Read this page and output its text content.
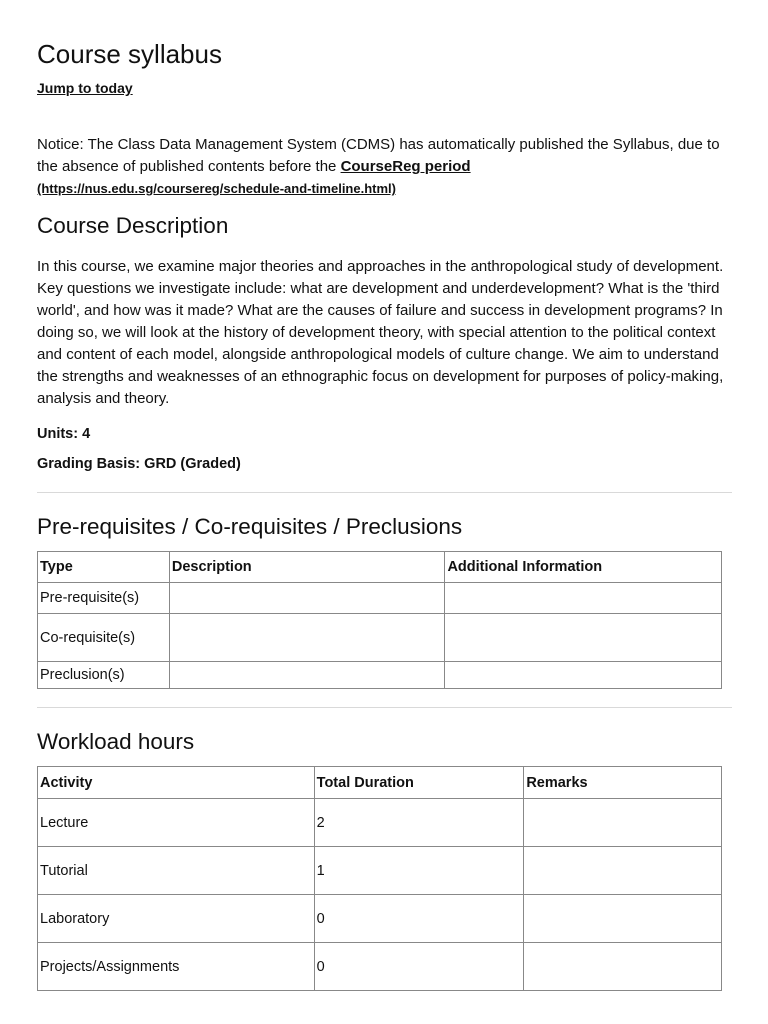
Course syllabus
Jump to today
Notice: The Class Data Management System (CDMS) has automatically published the Syllabus, due to the absence of published contents before the CourseReg period
(https://nus.edu.sg/coursereg/schedule-and-timeline.html)
Course Description

In this course, we examine major theories and approaches in the anthropological study of development. Key questions we investigate include: what are development and underdevelopment? What is the 'third world', and how was it made? What are the causes of failure and success in development programs? In doing so, we will look at the history of development theory, with special attention to the political context and content of each model, alongside anthropological models of culture change. We aim to understand the strengths and weaknesses of an ethnographic focus on development for purposes of policy-making, analysis and theory.

Units: 4

Grading Basis: GRD (Graded)

Pre-requisites / Co-requisites / Preclusions
Type	Description	Additional Information
Pre-requisite(s)		
Co-requisite(s)		
Preclusion(s)		
Workload hours
Activity	Total Duration	Remarks
Lecture	2	
Tutorial	1	
Laboratory	0	
Projects/Assignments	0	
